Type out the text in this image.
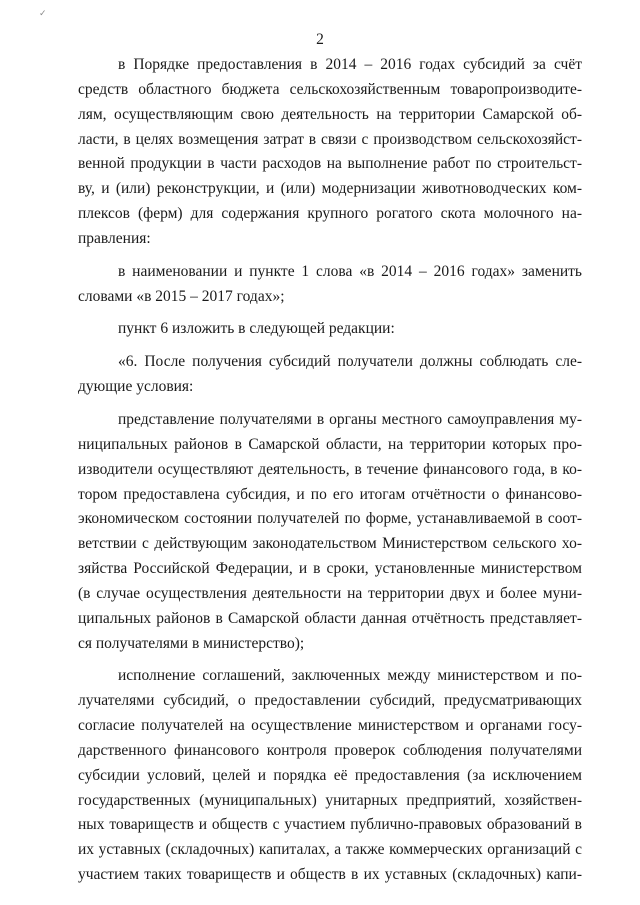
✓
2
в Порядке предоставления в 2014 – 2016 годах субсидий за счёт
средств областного бюджета сельскохозяйственным товаропроизводите-
лям, осуществляющим свою деятельность на территории Самарской об-
ласти, в целях возмещения затрат в связи с производством сельскохозяйст-
венной продукции в части расходов на выполнение работ по строительст-
ву, и (или) реконструкции, и (или) модернизации животноводческих ком-
плексов (ферм) для содержания крупного рогатого скота молочного на-
правления:
в наименовании и пункте 1 слова «в 2014 – 2016 годах» заменить
словами «в 2015 – 2017 годах»;
пункт 6 изложить в следующей редакции:
«6. После получения субсидий получатели должны соблюдать сле-
дующие условия:
представление получателями в органы местного самоуправления му-
ниципальных районов в Самарской области, на территории которых про-
изводители осуществляют деятельность, в течение финансового года, в ко-
тором предоставлена субсидия, и по его итогам отчётности о финансово-
экономическом состоянии получателей по форме, устанавливаемой в соот-
ветствии с действующим законодательством Министерством сельского хо-
зяйства Российской Федерации, и в сроки, установленные министерством
(в случае осуществления деятельности на территории двух и более муни-
ципальных районов в Самарской области данная отчётность представляет-
ся получателями в министерство);
исполнение соглашений, заключенных между министерством и по-
лучателями субсидий, о предоставлении субсидий, предусматривающих
согласие получателей на осуществление министерством и органами госу-
дарственного финансового контроля проверок соблюдения получателями
субсидии условий, целей и порядка её предоставления (за исключением
государственных (муниципальных) унитарных предприятий, хозяйствен-
ных товариществ и обществ с участием публично-правовых образований в
их уставных (складочных) капиталах, а также коммерческих организаций с
участием таких товариществ и обществ в их уставных (складочных) капи-
